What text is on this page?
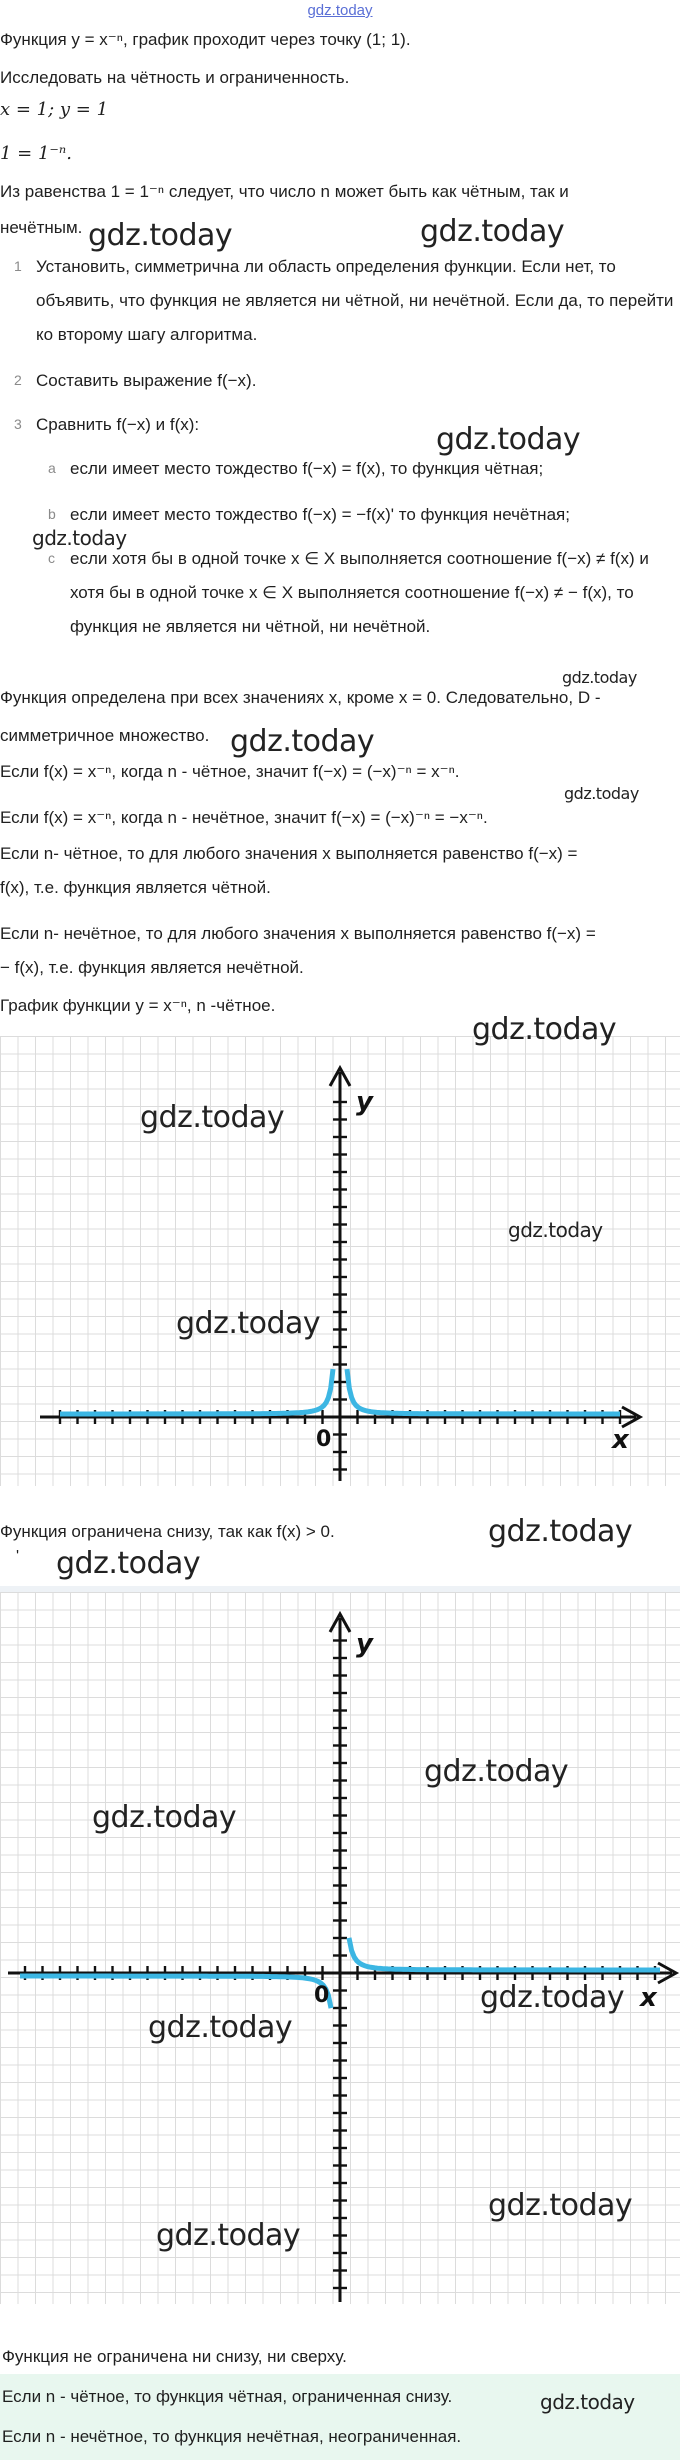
gdz.today
Функция y = x⁻ⁿ, график проходит через точку (1; 1).
Исследовать на чётность и ограниченность.
x = 1; y = 1
1 = 1⁻ⁿ.
Из равенства 1 = 1⁻ⁿ следует, что число n может быть как чётным, так и
нечётным.
1 Установить, симметрична ли область определения функции. Если нет, то объявить, что функция не является ни чётной, ни нечётной. Если да, то перейти ко второму шагу алгоритма.
2 Составить выражение f(−x).
3 Сравнить f(−x) и f(x):
a если имеет место тождество f(−x) = f(x), то функция чётная;
b если имеет место тождество f(−x) = −f(x)' то функция нечётная;
c если хотя бы в одной точке x ∈ X выполняется соотношение f(−x) ≠ f(x) и хотя бы в одной точке x ∈ X выполняется соотношение f(−x) ≠ − f(x), то функция не является ни чётной, ни нечётной.
Функция определена при всех значениях x, кроме x = 0. Следовательно, D -
симметричное множество.
Если f(x) = x⁻ⁿ, когда n - чётное, значит f(−x) = (−x)⁻ⁿ = x⁻ⁿ.
Если f(x) = x⁻ⁿ, когда n - нечётное, значит f(−x) = (−x)⁻ⁿ = −x⁻ⁿ.
Если n- чётное, то для любого значения x выполняется равенство f(−x) =
f(x), т.е. функция является чётной.
Если n- нечётное, то для любого значения x выполняется равенство f(−x) =
− f(x), т.е. функция является нечётной.
График функции y = x⁻ⁿ, n -чётное.
y
x
0
Функция ограничена снизу, так как f(x) > 0.
'
y
x
0
Функция не ограничена ни снизу, ни сверху.
Если n - чётное, то функция чётная, ограниченная снизу.
Если n - нечётное, то функция нечётная, неограниченная.
gdz.today	gdz.today
gdz.today
gdz.today
gdz.today
gdz.today
gdz.today
gdz.today
gdz.today
gdz.today
gdz.today
gdz.today
gdz.today
gdz.today
gdz.today
gdz.today
gdz.today
gdz.today
gdz.today
gdz.today
